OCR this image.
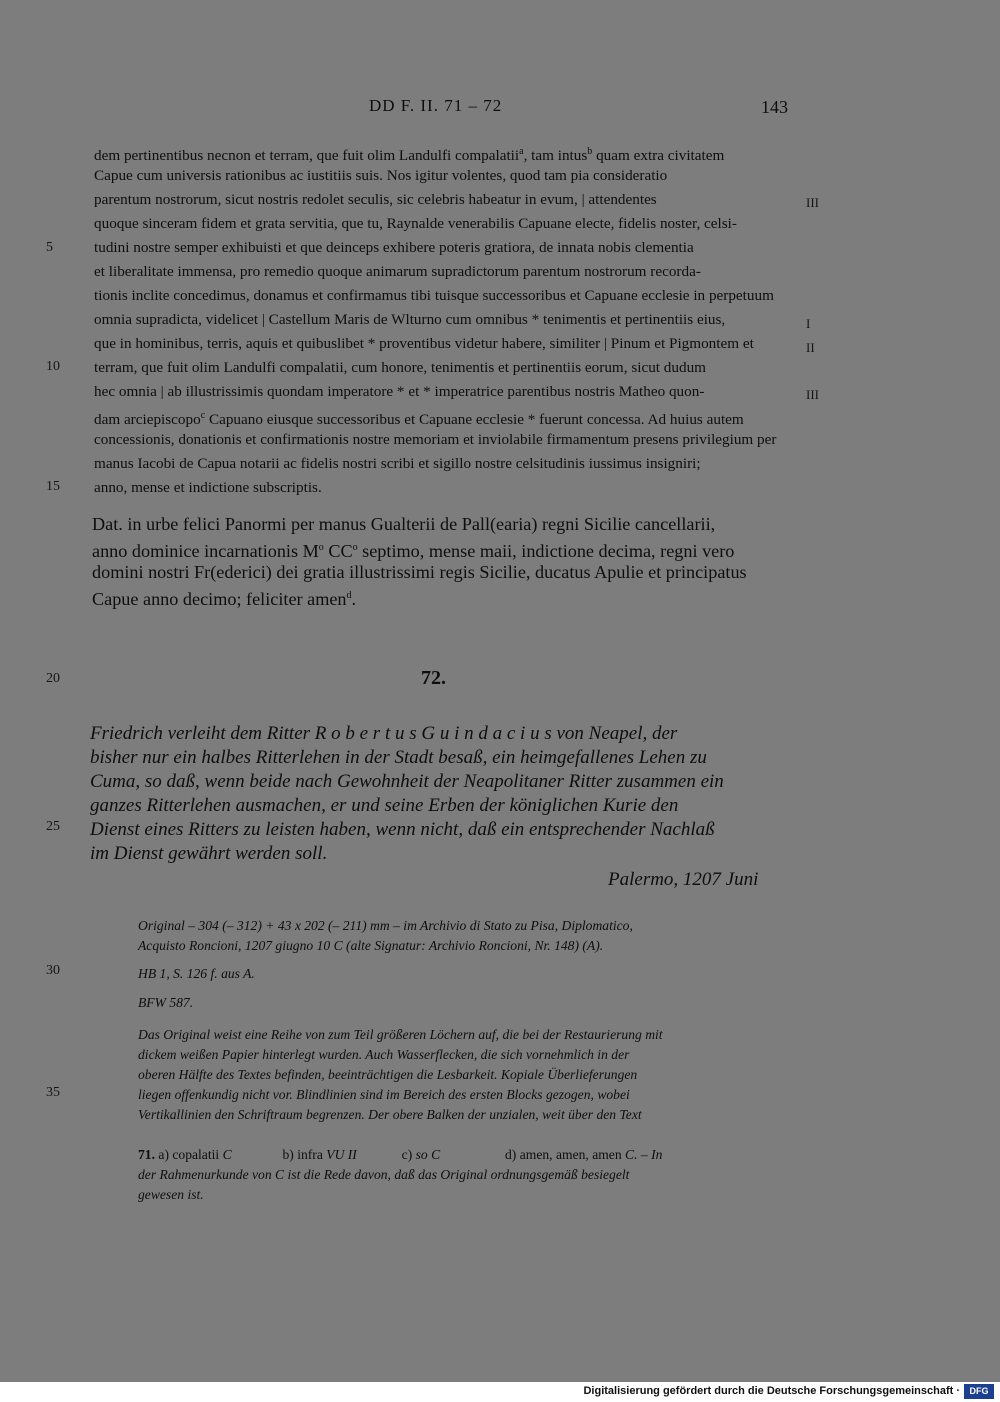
DD F. II. 71 – 72	143
dem pertinentibus necnon et terram, que fuit olim Landulfi compalatii$^a$, tam intus$^b$ quam extra civitatem
Capue cum universis rationibus ac iustitiis suis. Nos igitur volentes, quod tam pia consideratio
parentum nostrorum, sicut nostris redolet seculis, sic celebris habeatur in evum, | attendentes
quoque sinceram fidem et grata servitia, que tu, Raynalde venerabilis Capuane electe, fidelis noster, celsi-
tudini nostre semper exhibuisti et que deinceps exhibere poteris gratiora, de innata nobis clementia
et liberalitate immensa, pro remedio quoque animarum supradictorum parentum nostrorum recorda-
tionis inclite concedimus, donamus et confirmamus tibi tuisque successoribus et Capuane ecclesie in perpetuum
omnia supradicta, videlicet | Castellum Maris de Wlturno cum omnibus * tenimentis et pertinentiis eius,
que in hominibus, terris, aquis et quibuslibet * proventibus videtur habere, similiter | Pinum et Pigmontem et
terram, que fuit olim Landulfi compalatii, cum honore, tenimentis et pertinentiis eorum, sicut dudum
hec omnia | ab illustrissimis quondam imperatore * et * imperatrice parentibus nostris Matheo quon-
dam arciepiscopo$^c$ Capuano eiusque successoribus et Capuane ecclesie * fuerunt concessa. Ad huius autem
concessionis, donationis et confirmationis nostre memoriam et inviolabile firmamentum presens privilegium per
manus Iacobi de Capua notarii ac fidelis nostri scribi et sigillo nostre celsitudinis iussimus insigniri;
anno, mense et indictione subscriptis.
5
10
15
20
25
30
35
III
I
II
III
Dat. in urbe felici Panormi per manus Gualterii de Pall(earia) regni Sicilie cancellarii,
anno dominice incarnationis $M^o$ $CC^o$ septimo, mense maii, indictione decima, regni vero
domini nostri Fr(ederici) dei gratia illustrissimi regis Sicilie, ducatus Apulie et principatus
Capue anno decimo; feliciter amen$^d$.
72.
Friedrich verleiht dem Ritter R o b e r t u s G u i n d a c i u s von Neapel, der
bisher nur ein halbes Ritterlehen in der Stadt besaß, ein heimgefallenes Lehen zu
Cuma, so daß, wenn beide nach Gewohnheit der Neapolitaner Ritter zusammen ein
ganzes Ritterlehen ausmachen, er und seine Erben der königlichen Kurie den
Dienst eines Ritters zu leisten haben, wenn nicht, daß ein entsprechender Nachlaß
im Dienst gewährt werden soll.
Palermo, 1207 Juni
Original – 304 (– 312) + 43 x 202 (– 211) mm – im Archivio di Stato zu Pisa, Diplomatico,
Acquisto Roncioni, 1207 giugno 10 C (alte Signatur: Archivio Roncioni, Nr. 148) (A).
HB 1, S. 126 f. aus A.
BFW 587.
Das Original weist eine Reihe von zum Teil größeren Löchern auf, die bei der Restaurierung mit
dickem weißen Papier hinterlegt wurden. Auch Wasserflecken, die sich vornehmlich in der
oberen Hälfte des Textes befinden, beeinträchtigen die Lesbarkeit. Kopiale Überlieferungen
liegen offenkundig nicht vor. Blindlinien sind im Bereich des ersten Blocks gezogen, wobei
Vertikallinien den Schriftraum begrenzen. Der obere Balken der unzialen, weit über den Text
71. a) copalatii C	b) infra VU II	c) so C	d) amen, amen, amen C. – In
der Rahmenurkunde von C ist die Rede davon, daß das Original ordnungsgemäß besiegelt
gewesen ist.
Digitalisierung gefördert durch die Deutsche Forschungsgemeinschaft ·	DFG
